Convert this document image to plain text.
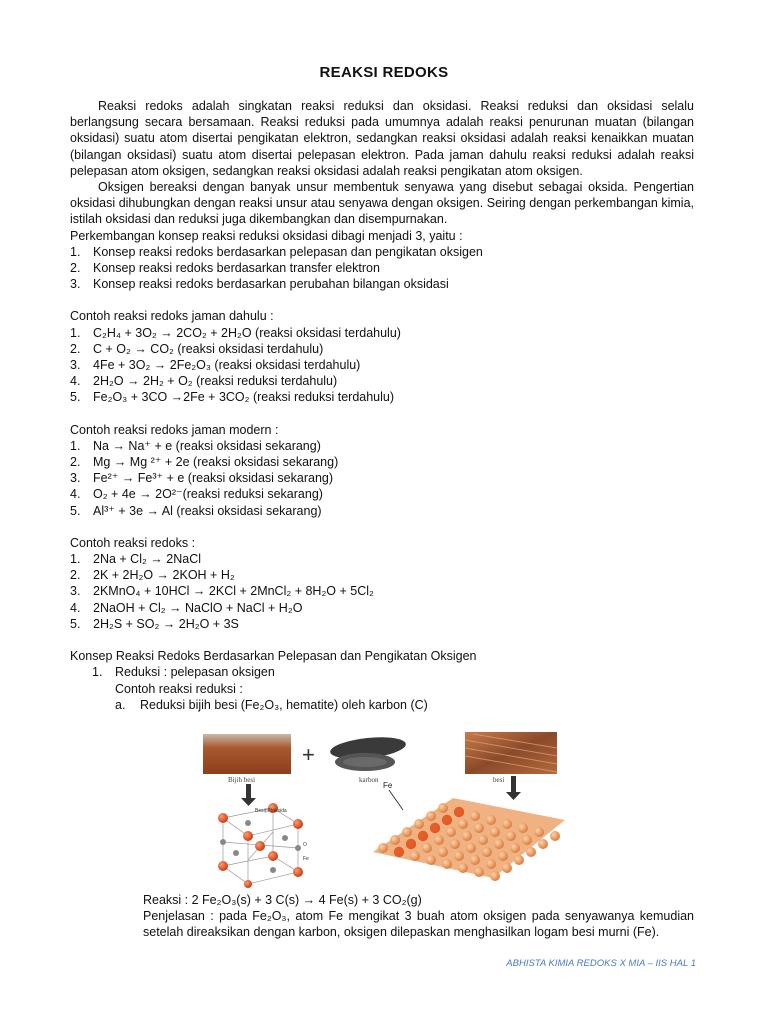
REAKSI REDOKS

Reaksi redoks adalah singkatan reaksi reduksi dan oksidasi. Reaksi reduksi dan oksidasi selalu berlangsung secara bersamaan. Reaksi reduksi pada umumnya adalah reaksi penurunan muatan (bilangan oksidasi) suatu atom disertai pengikatan elektron, sedangkan reaksi oksidasi adalah reaksi kenaikkan muatan (bilangan oksidasi) suatu atom disertai pelepasan elektron. Pada jaman dahulu reaksi reduksi adalah reaksi pelepasan atom oksigen, sedangkan reaksi oksidasi adalah reaksi pengikatan atom oksigen.

Oksigen bereaksi dengan banyak unsur membentuk senyawa yang disebut sebagai oksida. Pengertian oksidasi dihubungkan dengan reaksi unsur atau senyawa dengan oksigen. Seiring dengan perkembangan kimia, istilah oksidasi dan reduksi juga dikembangkan dan disempurnakan.

Perkembangan konsep reaksi reduksi oksidasi dibagi menjadi 3, yaitu :

1. Konsep reaksi redoks berdasarkan pelepasan dan pengikatan oksigen
2. Konsep reaksi redoks berdasarkan transfer elektron
3. Konsep reaksi redoks berdasarkan perubahan bilangan oksidasi

Contoh reaksi redoks jaman dahulu :

1. C₂H₄ + 3O₂ → 2CO₂ + 2H₂O (reaksi oksidasi terdahulu)
2. C + O₂ → CO₂ (reaksi oksidasi terdahulu)
3. 4Fe + 3O₂ → 2Fe₂O₃ (reaksi oksidasi terdahulu)
4. 2H₂O → 2H₂ + O₂ (reaksi reduksi terdahulu)
5. Fe₂O₃ + 3CO →2Fe + 3CO₂ (reaksi reduksi terdahulu)

Contoh reaksi redoks jaman modern :

1. Na → Na⁺ + e (reaksi oksidasi sekarang)
2. Mg → Mg ²⁺ + 2e (reaksi oksidasi sekarang)
3. Fe²⁺ → Fe³⁺ + e (reaksi oksidasi sekarang)
4. O₂ + 4e → 2O²⁻(reaksi reduksi sekarang)
5. Al³⁺ + 3e → Al (reaksi oksidasi sekarang)

Contoh reaksi redoks :

1. 2Na + Cl₂ → 2NaCl
2. 2K + 2H₂O → 2KOH + H₂
3. 2KMnO₄ + 10HCl → 2KCl + 2MnCl₂ + 8H₂O + 5Cl₂
4. 2NaOH + Cl₂ → NaClO + NaCl + H₂O
5. 2H₂S + SO₂ → 2H₂O + 3S

Konsep Reaksi Redoks Berdasarkan Pelepasan dan Pengikatan Oksigen

1.	Reduksi : pelepasan oksigen
Contoh reaksi reduksi :
a. Reduksi bijih besi (Fe₂O₃, hematite) oleh karbon (C)
Bijih besi
+
karbon	besi
Fe
Besi(III)oksida
O
Fe
Reaksi : 2 Fe₂O₃(s) + 3 C(s) → 4 Fe(s) + 3 CO₂(g)
Penjelasan : pada Fe₂O₃, atom Fe mengikat 3 buah atom oksigen pada senyawanya kemudian setelah direaksikan dengan karbon, oksigen dilepaskan menghasilkan logam besi murni (Fe).
ABHISTA KIMIA REDOKS X MIA – IIS HAL 1
